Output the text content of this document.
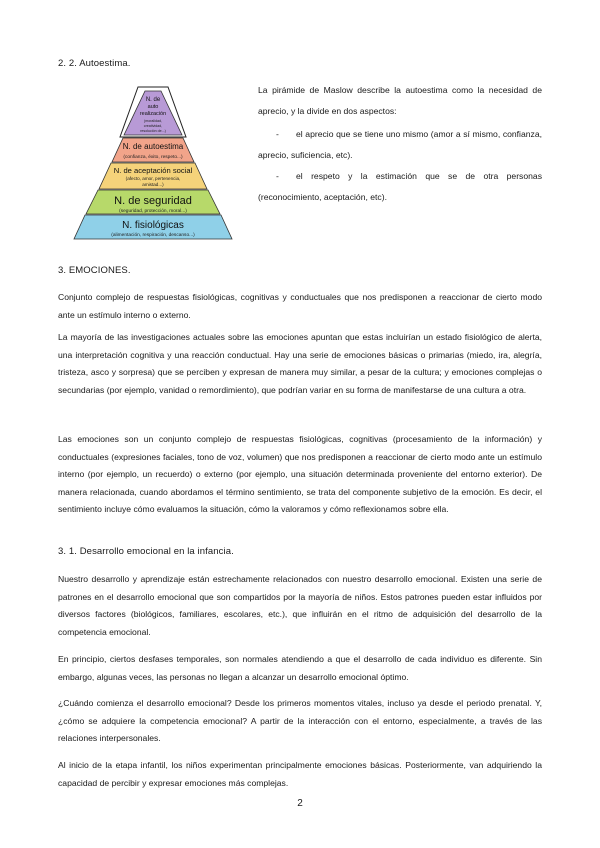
2. 2. Autoestima.
N. de
auto
realización
(moralidad,
creatividad,
resolución de...)
N. de autoestima
(confianza, éxito, respeto...)
N. de aceptación social
(afecto, amor, pertenencia,
amistad...)
N. de seguridad
(seguridad, protección, moral...)
N. fisiológicas
(alimentación, respiración, descanso...)
La pirámide de Maslow describe la autoestima como la necesidad de aprecio, y la divide en dos aspectos:
-	el aprecio que se tiene uno mismo (amor a sí mismo, confianza, aprecio, suficiencia, etc).
-	el respeto y la estimación que se de otra personas (reconocimiento, aceptación, etc).
3. EMOCIONES.
Conjunto complejo de respuestas fisiológicas, cognitivas y conductuales que nos predisponen a reaccionar de cierto modo ante un estímulo interno o externo.
La mayoría de las investigaciones actuales sobre las emociones apuntan que estas incluirían un estado fisiológico de alerta, una interpretación cognitiva y una reacción conductual. Hay una serie de emociones básicas o primarias (miedo, ira, alegría, tristeza, asco y sorpresa) que se perciben y expresan de manera muy similar, a pesar de la cultura; y emociones complejas o secundarias (por ejemplo, vanidad o remordimiento), que podrían variar en su forma de manifestarse de una cultura a otra.
Las emociones son un conjunto complejo de respuestas fisiológicas, cognitivas (procesamiento de la información) y conductuales (expresiones faciales, tono de voz, volumen) que nos predisponen a reaccionar de cierto modo ante un estímulo interno (por ejemplo, un recuerdo) o externo (por ejemplo, una situación determinada proveniente del entorno exterior). De manera relacionada, cuando abordamos el término sentimiento, se trata del componente subjetivo de la emoción. Es decir, el sentimiento incluye cómo evaluamos la situación, cómo la valoramos y cómo reflexionamos sobre ella.
3. 1. Desarrollo emocional en la infancia.
Nuestro desarrollo y aprendizaje están estrechamente relacionados con nuestro desarrollo emocional. Existen una serie de patrones en el desarrollo emocional que son compartidos por la mayoría de niños. Estos patrones pueden estar influidos por diversos factores (biológicos, familiares, escolares, etc.), que influirán en el ritmo de adquisición del desarrollo de la competencia emocional.
En principio, ciertos desfases temporales, son normales atendiendo a que el desarrollo de cada individuo es diferente. Sin embargo, algunas veces, las personas no llegan a alcanzar un desarrollo emocional óptimo.
¿Cuándo comienza el desarrollo emocional? Desde los primeros momentos vitales, incluso ya desde el periodo prenatal. Y, ¿cómo se adquiere la competencia emocional? A partir de la interacción con el entorno, especialmente, a través de las relaciones interpersonales.
Al inicio de la etapa infantil, los niños experimentan principalmente emociones básicas. Posteriormente, van adquiriendo la capacidad de percibir y expresar emociones más complejas.
2
